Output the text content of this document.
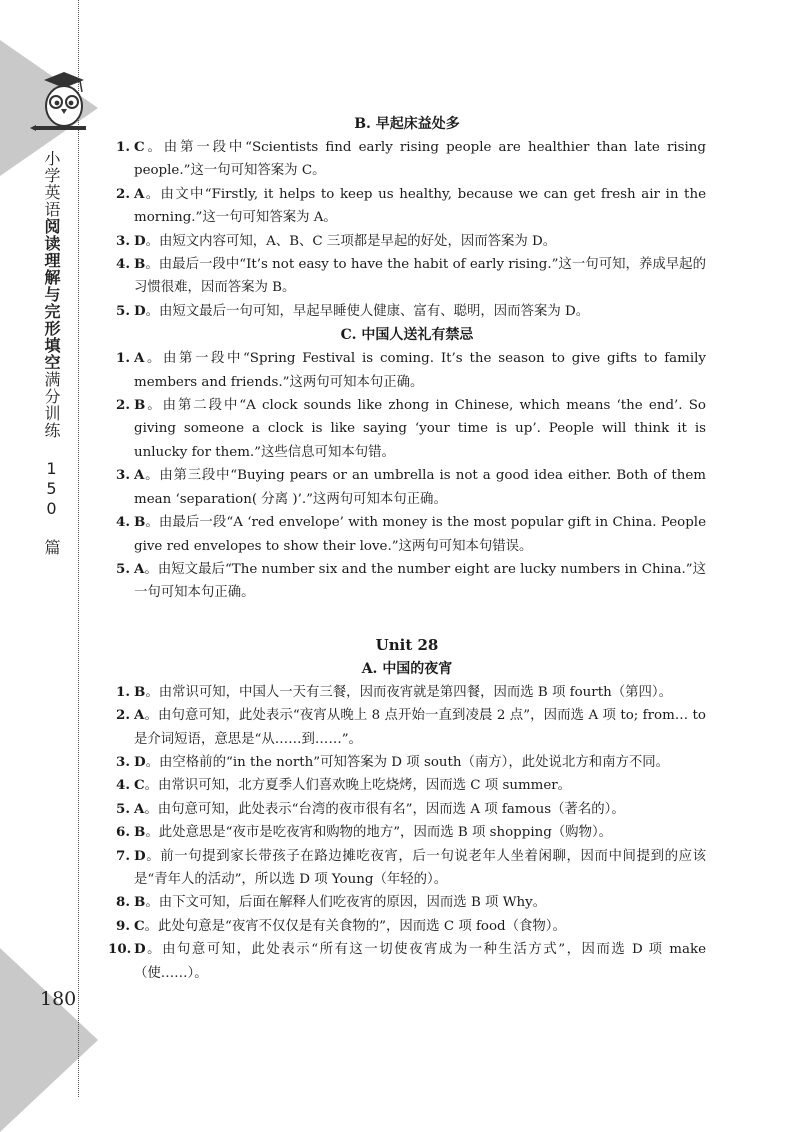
小学英语阅读理解与完形填空满分训练 150 篇
180
B. 早起床益处多
1. C。由第一段中“Scientists find early rising people are healthier than late rising people.”这一句可知答案为 C。
2. A。由文中“Firstly, it helps to keep us healthy, because we can get fresh air in the morning.”这一句可知答案为 A。
3. D。由短文内容可知，A、B、C 三项都是早起的好处，因而答案为 D。
4. B。由最后一段中“It’s not easy to have the habit of early rising.”这一句可知，养成早起的习惯很难，因而答案为 B。
5. D。由短文最后一句可知，早起早睡使人健康、富有、聪明，因而答案为 D。
C. 中国人送礼有禁忌
1. A。由第一段中“Spring Festival is coming. It’s the season to give gifts to family members and friends.”这两句可知本句正确。
2. B。由第二段中“A clock sounds like zhong in Chinese, which means ‘the end’. So giving someone a clock is like saying ‘your time is up’. People will think it is unlucky for them.”这些信息可知本句错。
3. A。由第三段中“Buying pears or an umbrella is not a good idea either. Both of them mean ‘separation( 分离 )’.”这两句可知本句正确。
4. B。由最后一段“A ‘red envelope’ with money is the most popular gift in China. People give red envelopes to show their love.”这两句可知本句错误。
5. A。由短文最后“The number six and the number eight are lucky numbers in China.”这一句可知本句正确。
Unit 28
A. 中国的夜宵
1. B。由常识可知，中国人一天有三餐，因而夜宵就是第四餐，因而选 B 项 fourth（第四）。
2. A。由句意可知，此处表示“夜宵从晚上 8 点开始一直到凌晨 2 点”，因而选 A 项 to; from… to 是介词短语，意思是“从……到……”。
3. D。由空格前的“in the north”可知答案为 D 项 south（南方），此处说北方和南方不同。
4. C。由常识可知，北方夏季人们喜欢晚上吃烧烤，因而选 C 项 summer。
5. A。由句意可知，此处表示“台湾的夜市很有名”，因而选 A 项 famous（著名的）。
6. B。此处意思是“夜市是吃夜宵和购物的地方”，因而选 B 项 shopping（购物）。
7. D。前一句提到家长带孩子在路边摊吃夜宵，后一句说老年人坐着闲聊，因而中间提到的应该是“青年人的活动”，所以选 D 项 Young（年轻的）。
8. B。由下文可知，后面在解释人们吃夜宵的原因，因而选 B 项 Why。
9. C。此处句意是“夜宵不仅仅是有关食物的”，因而选 C 项 food（食物）。
10. D。由句意可知，此处表示“所有这一切使夜宵成为一种生活方式”，因而选 D 项 make（使……）。
